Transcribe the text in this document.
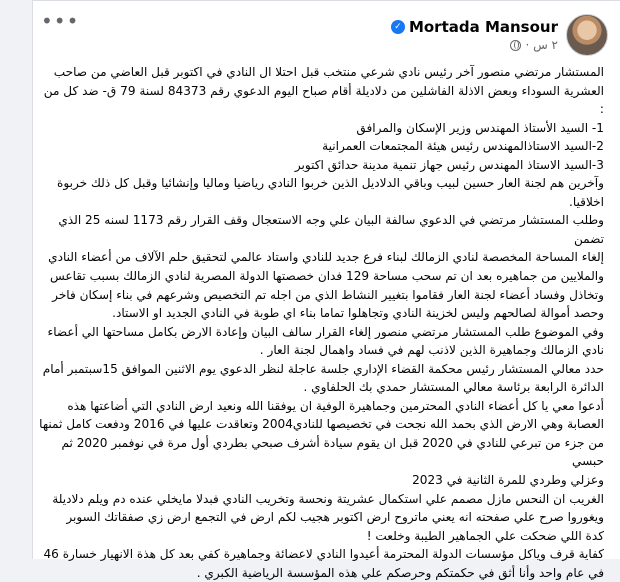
•••	✓ Mortada Mansour
٢ س ·

المستشار مرتضي منصور آخر رئيس نادي شرعي منتخب قبل احتلا ال النادي في اكتوبر قبل العاضي من صاحب

العشرية السوداء وبعض الاذلة الفاشلين من دلاديلة أقام صباح اليوم الدعوي رقم 84373 لسنة 79 ق- ضد كل من :

1- السيد الأستاذ المهندس وزير الإسكان والمرافق

2-السيد الاستاذالمهندس رئيس هيئة المجتمعات العمرانية

3-السيد الاستاذ المهندس رئيس جهاز تنمية مدينة حدائق اكتوبر

وآخرين هم لجنة العار حسين لبيب وباقي الدلاديل الذين خربوا النادي رياضيا وماليا وإنشائيا وقبل كل ذلك خربوة

اخلاقيا.

وطلب المستشار مرتضي في الدعوي سالفة البيان علي وجه الاستعجال وقف القرار رقم 1173 لسنه 25 الذي تضمن

إلغاء المساحة المخصصة لنادي الزمالك لبناء فرع جديد للنادي واستاد عالمي لتحقيق حلم الآلاف من أعضاء النادي

والملايين من جماهيره بعد ان تم سحب مساحة 129 فدان خصصتها الدولة المصرية لنادي الزمالك بسبب تقاعس

وتخاذل وفساد أعضاء لجنة العار فقاموا بتغيير النشاط الذي من اجله تم التخصيص وشرعهم في بناء إسكان فاخر

وحصد أموالة لصالحهم وليس لخزينة النادي وتجاهلوا تماما بناء اي طوبة في النادي الجديد او الاستاد.

وفي الموضوع طلب المستشار مرتضي منصور إلغاء القرار سالف البيان وإعادة الارض بكامل مساحتها الي أعضاء

نادي الزمالك وجماهيرة الذين لاذنب لهم في فساد واهمال لجنة العار .

حدد معالي المستشار رئيس محكمة القضاء الإداري جلسة عاجلة لنظر الدعوي يوم الاثنين الموافق 15سبتمبر أمام

الدائرة الرابعة برئاسة معالي المستشار حمدي بك الحلفاوي .

أدعوا معي يا كل أعضاء النادي المحترمين وجماهيرة الوفية ان يوفقنا الله ونعيد ارض النادي التي أضاعتها هذه

العصابة وهي الارض الذي بحمد الله نجحت في تخصيصها للنادي2004 وتعاقدت عليها في 2016 ودفعت كامل ثمنها

من جزء من تبرعي للنادي في 2020 قبل ان يقوم سيادة أشرف صبحي بطردي أول مرة في نوفمبر 2020 ثم حبسي

وعزلي وطردي للمرة الثانية في 2023

الغريب ان النحس مازل مصمم علي استكمال عشريتة ونحسة وتخريب النادي فبدلا مايخلي عنده دم ويلم دلاديلة

ويغوروا صرح علي صفحته انه يعني ماتروح ارض اكتوبر هجيب لكم ارض في التجمع ارض زي صفقاتك السوبر

كدة اللي ضحكت علي الجماهير الطيبة وخلعت !

كفاية قرف وياكل مؤسسات الدولة المحترمة أعيدوا النادي لاعضائة وجماهيرة كفي بعد كل هذة الانهيار خسارة 46

في عام واحد وأنا أثق في حكمتكم وحرصكم علي هذه المؤسسة الرياضية الكبري .
